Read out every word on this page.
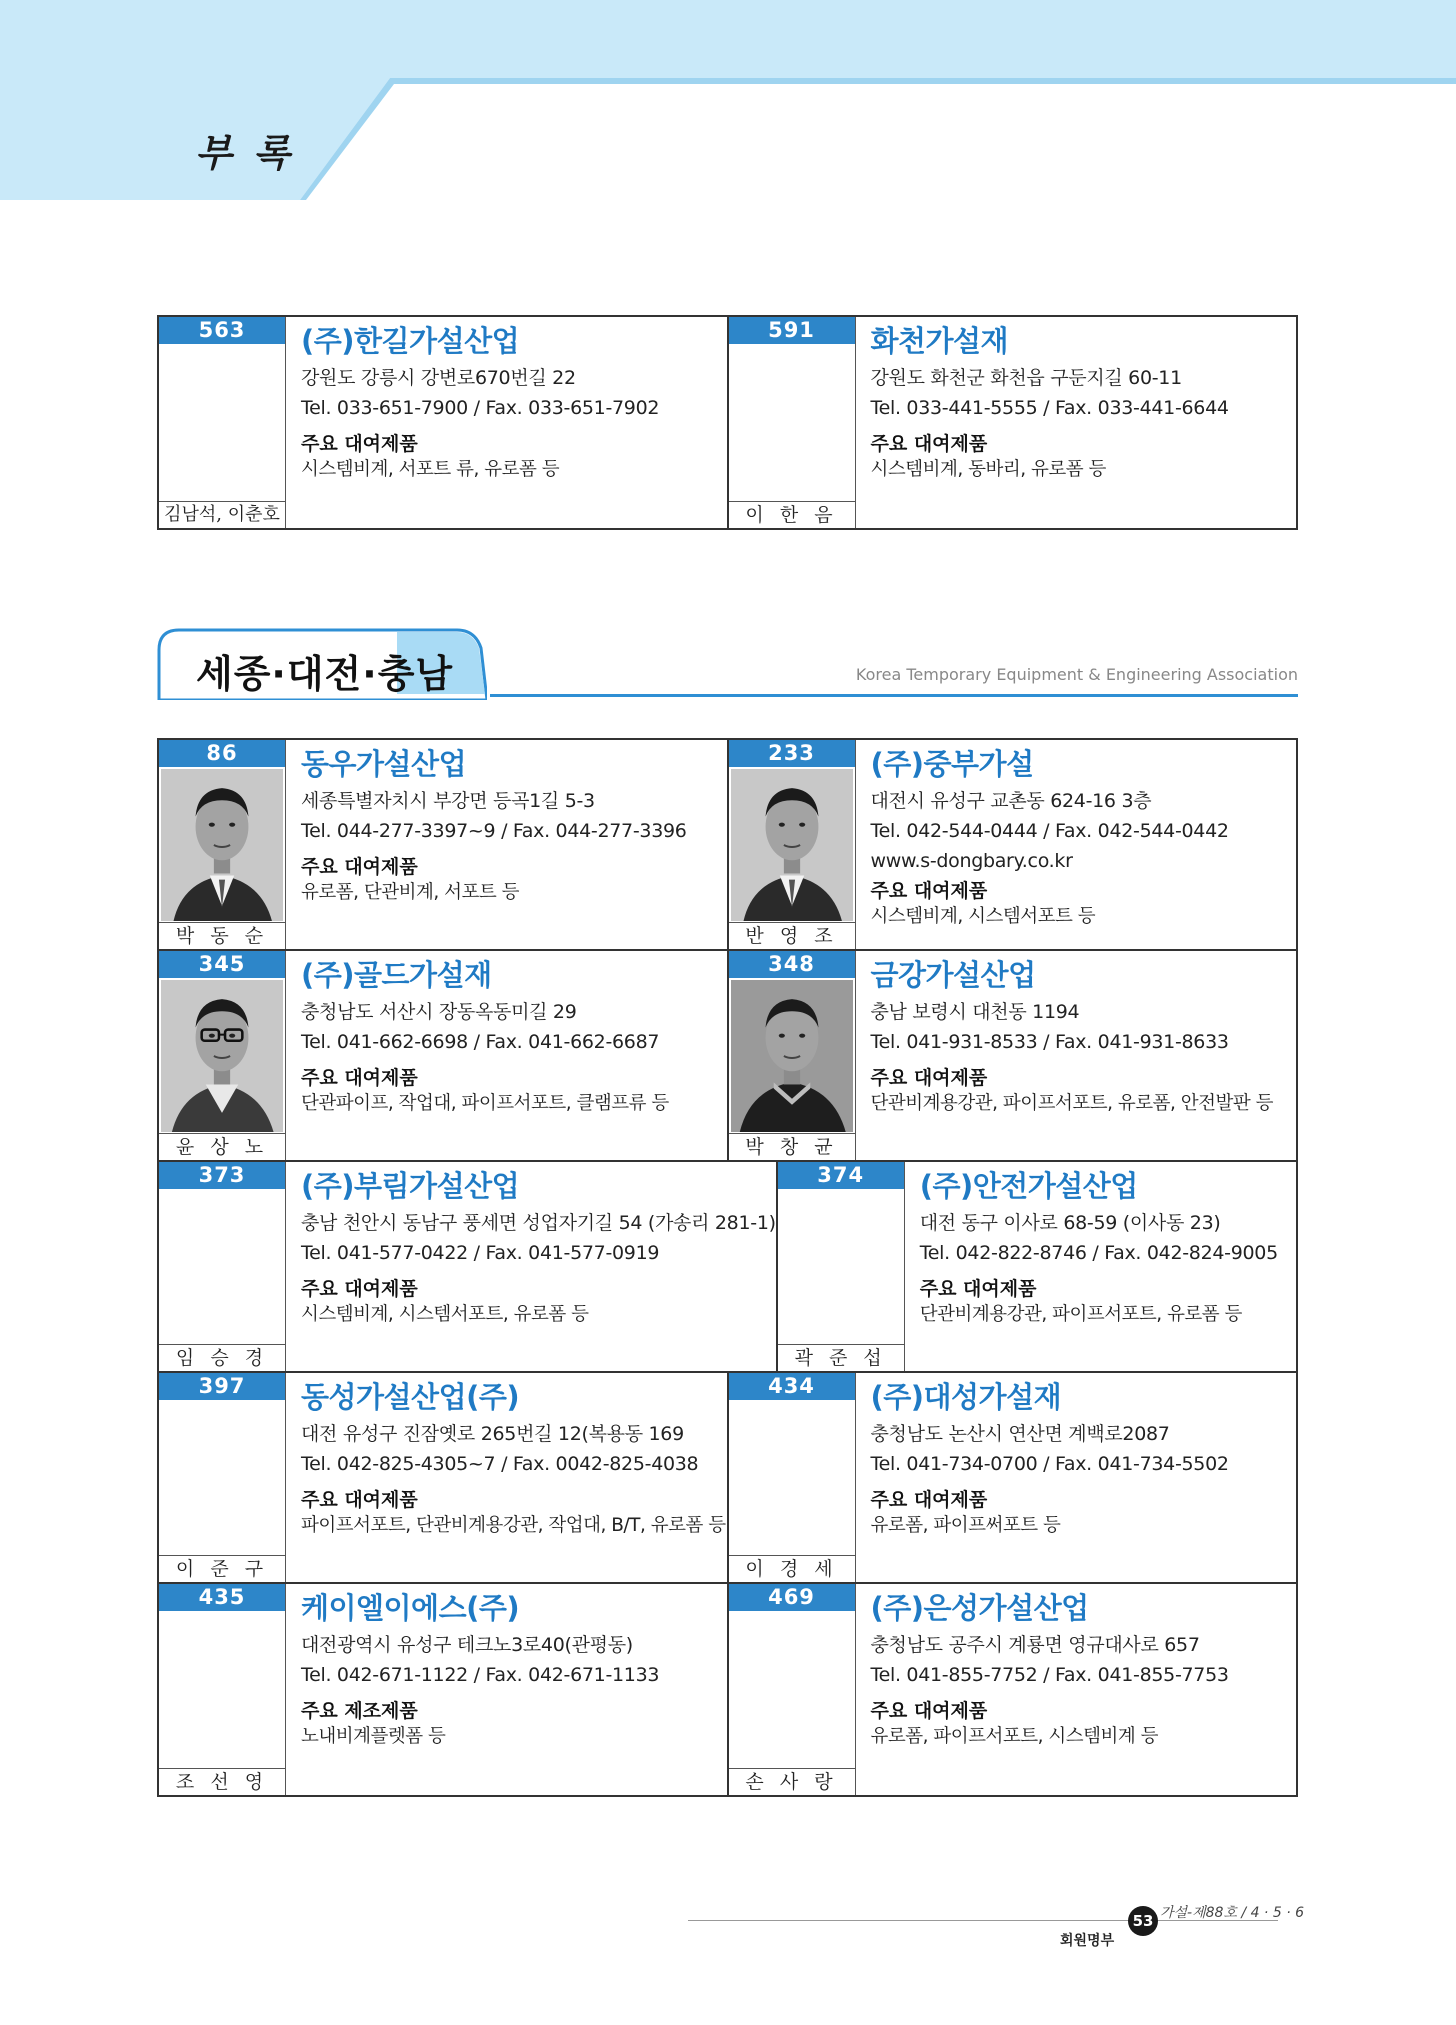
부 록
563
김남석, 이춘호
(주)한길가설산업
강원도 강릉시 강변로670번길 22
Tel. 033-651-7900 / Fax. 033-651-7902
주요 대여제품
시스템비계, 서포트 류, 유로폼 등
591
이 한 음
화천가설재
강원도 화천군 화천읍 구둔지길 60-11
Tel. 033-441-5555 / Fax. 033-441-6644
주요 대여제품
시스템비계, 동바리, 유로폼 등
세종·대전·충남	Korea Temporary Equipment & Engineering Association
86
박 동 순
동우가설산업
세종특별자치시 부강면 등곡1길 5-3
Tel. 044-277-3397~9 / Fax. 044-277-3396
주요 대여제품
유로폼, 단관비계, 서포트 등
233
반 영 조
(주)중부가설
대전시 유성구 교촌동 624-16 3층
Tel. 042-544-0444 / Fax. 042-544-0442
www.s-dongbary.co.kr
주요 대여제품
시스템비계, 시스템서포트 등
345
윤 상 노
(주)골드가설재
충청남도 서산시 장동옥동미길 29
Tel. 041-662-6698 / Fax. 041-662-6687
주요 대여제품
단관파이프, 작업대, 파이프서포트, 클램프류 등
348
박 창 균
금강가설산업
충남 보령시 대천동 1194
Tel. 041-931-8533 / Fax. 041-931-8633
주요 대여제품
단관비계용강관, 파이프서포트, 유로폼, 안전발판 등
373
임 승 경
(주)부림가설산업
충남 천안시 동남구 풍세면 성업자기길 54 (가송리 281-1)
Tel. 041-577-0422 / Fax. 041-577-0919
주요 대여제품
시스템비계, 시스템서포트, 유로폼 등
374
곽 준 섭
(주)안전가설산업
대전 동구 이사로 68-59 (이사동 23)
Tel. 042-822-8746 / Fax. 042-824-9005
주요 대여제품
단관비계용강관, 파이프서포트, 유로폼 등
397
이 준 구
동성가설산업(주)
대전 유성구 진잠옛로 265번길 12(복용동 169
Tel. 042-825-4305~7 / Fax. 0042-825-4038
주요 대여제품
파이프서포트, 단관비계용강관, 작업대, B/T, 유로폼 등
434
이 경 세
(주)대성가설재
충청남도 논산시 연산면 계백로2087
Tel. 041-734-0700 / Fax. 041-734-5502
주요 대여제품
유로폼, 파이프써포트 등
435
조 선 영
케이엘이에스(주)
대전광역시 유성구 테크노3로40(관평동)
Tel. 042-671-1122 / Fax. 042-671-1133
주요 제조제품
노내비계플렛폼 등
469
손 사 랑
(주)은성가설산업
충청남도 공주시 계룡면 영규대사로 657
Tel. 041-855-7752 / Fax. 041-855-7753
주요 대여제품
유로폼, 파이프서포트, 시스템비계 등
53 가설-제88호 / 4 · 5 · 6
회원명부
